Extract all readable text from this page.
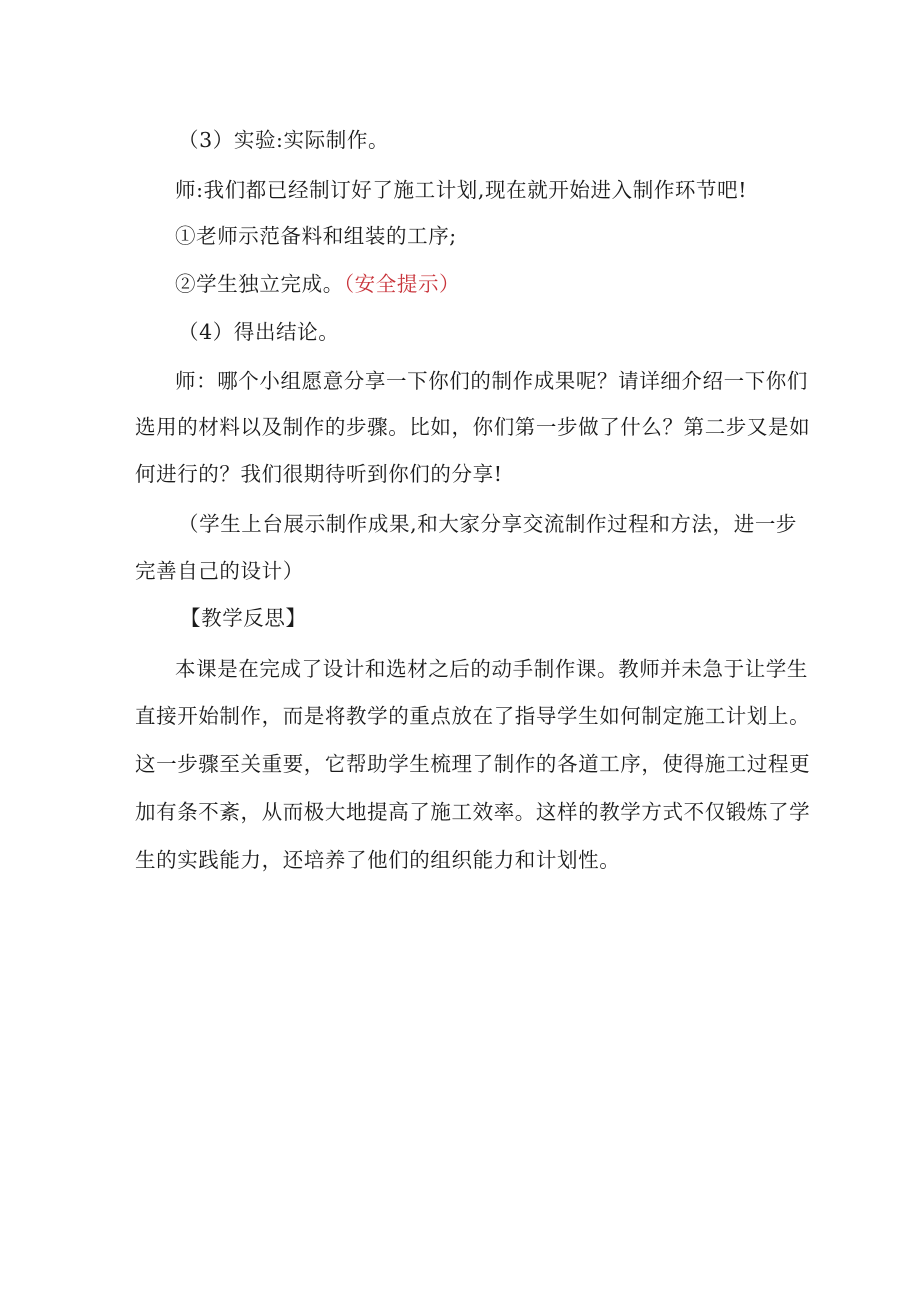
（3）实验:实际制作。
师:我们都已经制订好了施工计划,现在就开始进入制作环节吧!
①老师示范备料和组装的工序;
②学生独立完成。（安全提示）
（4）得出结论。
师：哪个小组愿意分享一下你们的制作成果呢？请详细介绍一下你们
选用的材料以及制作的步骤。比如，你们第一步做了什么？第二步又是如
何进行的？我们很期待听到你们的分享!
（学生上台展示制作成果,和大家分享交流制作过程和方法，进一步
完善自己的设计）
【教学反思】
本课是在完成了设计和选材之后的动手制作课。教师并未急于让学生
直接开始制作，而是将教学的重点放在了指导学生如何制定施工计划上。
这一步骤至关重要，它帮助学生梳理了制作的各道工序，使得施工过程更
加有条不紊，从而极大地提高了施工效率。这样的教学方式不仅锻炼了学
生的实践能力，还培养了他们的组织能力和计划性。
